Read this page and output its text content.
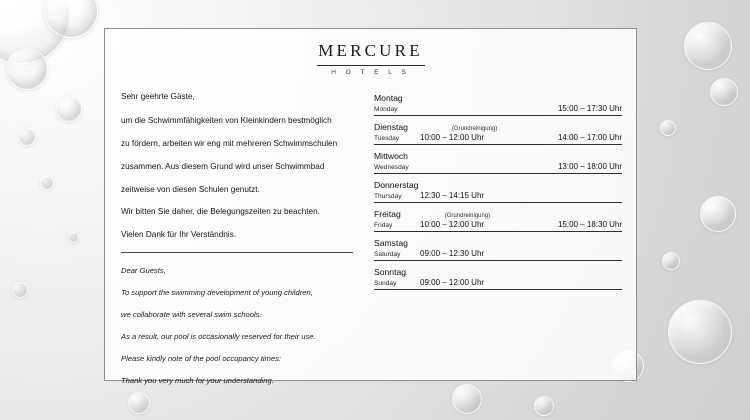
MERCURE
H O T E L S

Sehr geehrte Gäste,

um die Schwimmfähigkeiten von Kleinkindern bestmöglich

zu fördern, arbeiten wir eng mit mehreren Schwimmschulen

zusammen. Aus diesem Grund wird unser Schwimmbad

zeitweise von diesen Schulen genutzt.

Wir bitten Sie daher, die Belegungszeiten zu beachten.

Vielen Dank für Ihr Verständnis.

Dear Guests,

To support the swimming development of young children,

we collaborate with several swim schools.

As a result, our pool is occasionally reserved for their use.

Please kindly note of the pool occupancy times:

Thank you very much for your understanding.

Montag
Monday	15:00 – 17:30 Uhr
Dienstag	(Grundreinigung)
Tuesday	10:00 – 12:00 Uhr	14:00 – 17:00 Uhr
Mittwoch
Wednesday	13:00 – 18:00 Uhr
Donnerstag
Thursday	12:30 – 14:15 Uhr
Freitag	(Grundreinigung)
Friday	10:00 – 12:00 Uhr	15:00 – 18:30 Uhr
Samstag
Saturday	09:00 – 12:30 Uhr
Sonntag
Sunday	09:00 – 12:00 Uhr
